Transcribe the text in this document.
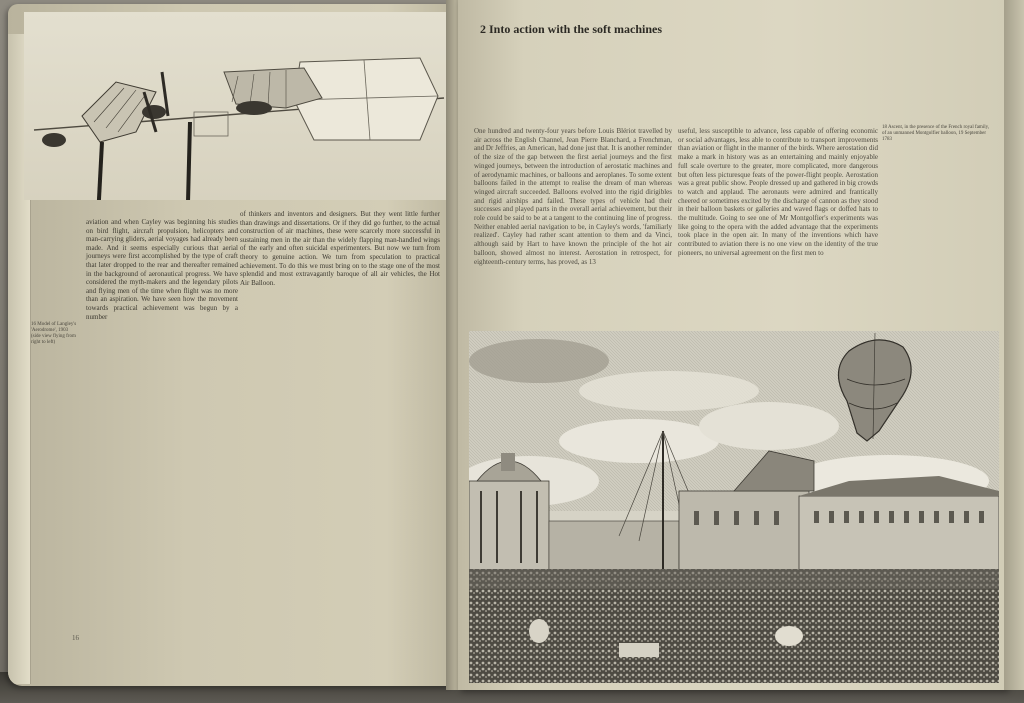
aviation and when Cayley was beginning his studies on bird flight, aircraft propulsion, helicopters and man-carrying gliders, aerial voyages had already been made. And it seems especially curious that aerial journeys were first accomplished by the type of craft that later dropped to the rear and thereafter remained in the background of aeronautical progress. We have considered the myth-makers and the legendary pilots and flying men of the time when flight was no more than an aspiration. We have seen how the movement towards practical achievement was begun by a number
of thinkers and inventors and designers. But they went little further than drawings and dissertations. Or if they did go further, to the actual construction of air machines, these were scarcely more successful in sustaining men in the air than the widely flapping man-handled wings of the early and often suicidal experimenters. But now we turn from theory to genuine action. We turn from speculation to practical achievement. To do this we must bring on to the stage one of the most splendid and most extravagantly baroque of all air vehicles, the Hot Air Balloon.
16 Model of Langley's 'Aerodrome', 1903 (side view flying from right to left)
16
2 Into action with the soft machines
One hundred and twenty-four years before Louis Blériot travelled by air across the English Channel, Jean Pierre Blanchard, a Frenchman, and Dr Jeffries, an American, had done just that. It is another reminder of the size of the gap between the first aerial journeys and the first winged journeys, between the introduction of aerostatic machines and of aerodynamic machines, or balloons and aeroplanes. To some extent balloons failed in the attempt to realise the dream of man whereas winged aircraft succeeded. Balloons evolved into the rigid dirigibles and rigid airships and failed. These types of vehicle had their successes and played parts in the overall aerial achievement, but their role could be said to be at a tangent to the continuing line of progress. Neither enabled aerial navigation to be, in Cayley's words, 'familiarly realized'. Cayley had rather scant attention to them and da Vinci, although said by Hart to have known the principle of the hot air balloon, showed almost no interest. Aerostation in retrospect, for eighteenth-century terms, has proved, as 13
useful, less susceptible to advance, less capable of offering economic or social advantages, less able to contribute to transport improvements than aviation or flight in the manner of the birds. Where aerostation did make a mark in history was as an entertaining and mainly enjoyable full scale overture to the greater, more complicated, more dangerous but often less picturesque feats of the power-flight people. Aerostation was a great public show. People dressed up and gathered in big crowds to watch and applaud. The aeronauts were admired and frantically cheered or sometimes excited by the discharge of cannon as they stood in their balloon baskets or galleries and waved flags or doffed hats to the multitude. Going to see one of Mr Montgolfier's experiments was like going to the opera with the added advantage that the experiments took place in the open air. In many of the inventions which have contributed to aviation there is no one view on the identity of the true pioneers, no universal agreement on the first men to
18 Ascent, in the presence of the French royal family, of an unmanned Montgolfier balloon, 19 September 1783
